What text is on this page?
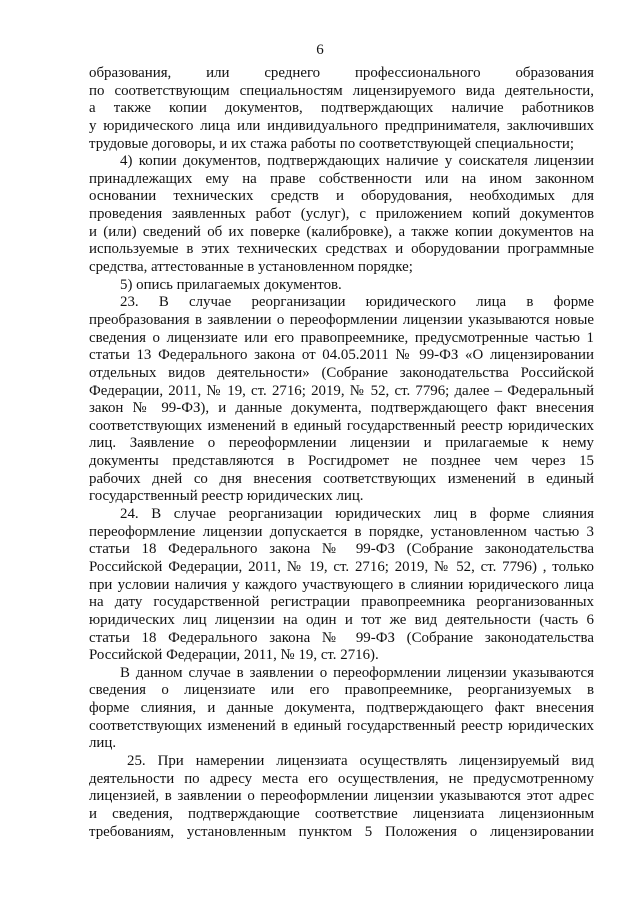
6
образования, или среднего профессионального образования
по соответствующим специальностям лицензируемого вида деятельности,
а также копии документов, подтверждающих наличие работников
у юридического лица или индивидуального предпринимателя, заключивших
трудовые договоры, и их стажа работы по соответствующей специальности;
4) копии документов, подтверждающих наличие у соискателя лицензии
принадлежащих ему на праве собственности или на ином законном
основании технических средств и оборудования, необходимых для
проведения заявленных работ (услуг), с приложением копий документов
и (или) сведений об их поверке (калибровке), а также копии документов на
используемые в этих технических средствах и оборудовании программные
средства, аттестованные в установленном порядке;
5) опись прилагаемых документов.
23. В случае реорганизации юридического лица в форме
преобразования в заявлении о переоформлении лицензии указываются новые
сведения о лицензиате или его правопреемнике, предусмотренные частью 1
статьи 13 Федерального закона от 04.05.2011 № 99-ФЗ «О лицензировании
отдельных видов деятельности» (Собрание законодательства Российской
Федерации, 2011, № 19, ст. 2716; 2019, № 52, ст. 7796; далее – Федеральный
закон № 99-ФЗ), и данные документа, подтверждающего факт внесения
соответствующих изменений в единый государственный реестр юридических
лиц. Заявление о переоформлении лицензии и прилагаемые к нему
документы представляются в Росгидромет не позднее чем через 15
рабочих дней со дня внесения соответствующих изменений в единый
государственный реестр юридических лиц.
24. В случае реорганизации юридических лиц в форме слияния
переоформление лицензии допускается в порядке, установленном частью 3
статьи 18 Федерального закона № 99-ФЗ (Собрание законодательства
Российской Федерации, 2011, № 19, ст. 2716; 2019, № 52, ст. 7796) , только
при условии наличия у каждого участвующего в слиянии юридического лица
на дату государственной регистрации правопреемника реорганизованных
юридических лиц лицензии на один и тот же вид деятельности (часть 6
статьи 18 Федерального закона № 99-ФЗ (Собрание законодательства
Российской Федерации, 2011, № 19, ст. 2716).
В данном случае в заявлении о переоформлении лицензии указываются
сведения о лицензиате или его правопреемнике, реорганизуемых в
форме слияния, и данные документа, подтверждающего факт внесения
соответствующих изменений в единый государственный реестр юридических
лиц.
25. При намерении лицензиата осуществлять лицензируемый вид
деятельности по адресу места его осуществления, не предусмотренному
лицензией, в заявлении о переоформлении лицензии указываются этот адрес
и сведения, подтверждающие соответствие лицензиата лицензионным
требованиям, установленным пунктом 5 Положения о лицензировании
